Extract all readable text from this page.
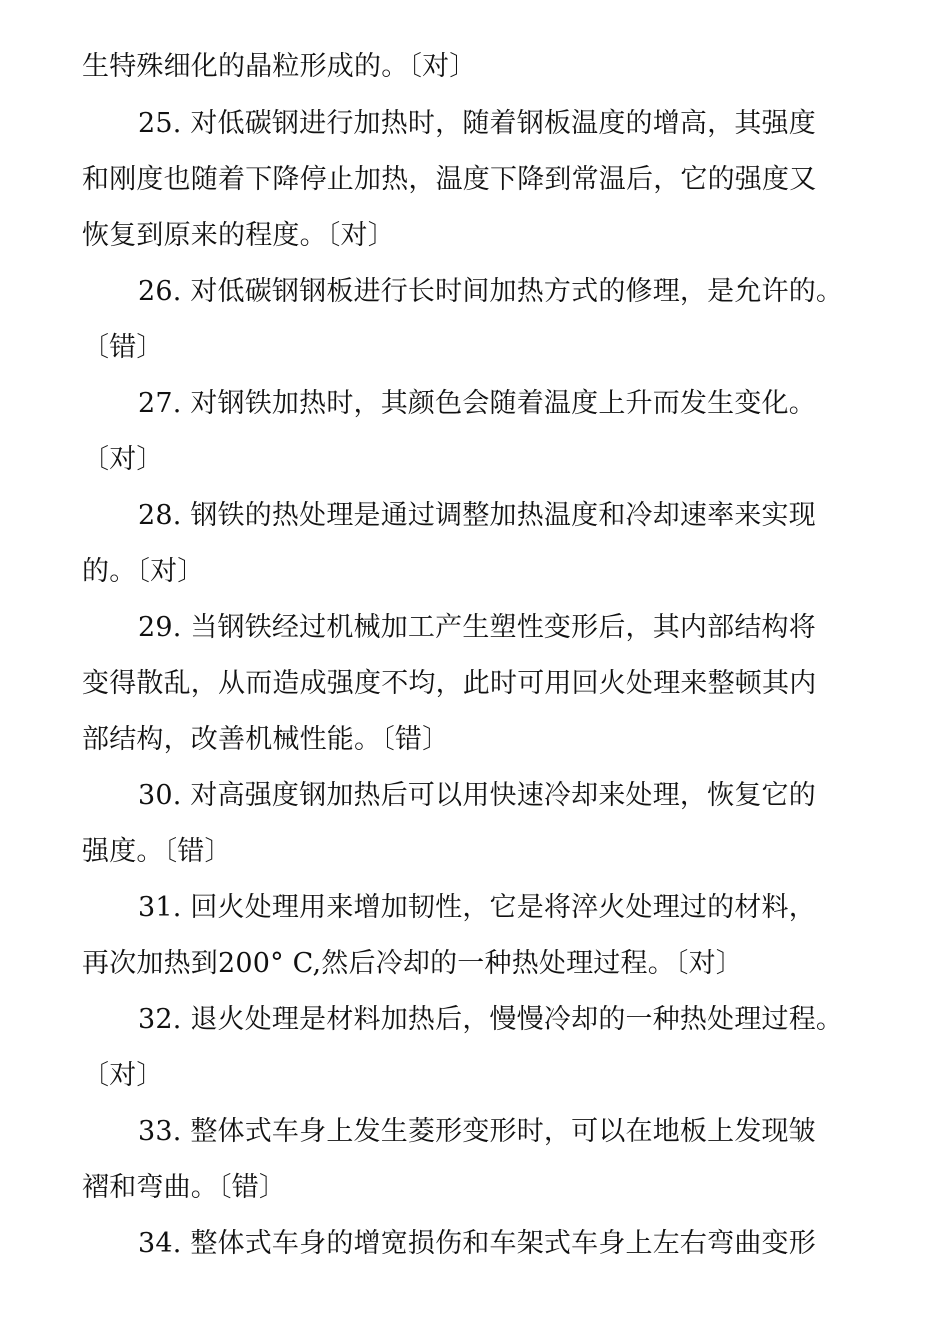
生特殊细化的晶粒形成的。〔对〕
25. 对低碳钢进行加热时，随着钢板温度的增高，其强度
和刚度也随着下降停止加热，温度下降到常温后，它的强度又
恢复到原来的程度。〔对〕
26. 对低碳钢钢板进行长时间加热方式的修理，是允许的。
〔错〕
27. 对钢铁加热时，其颜色会随着温度上升而发生变化。
〔对〕
28. 钢铁的热处理是通过调整加热温度和冷却速率来实现
的。〔对〕
29. 当钢铁经过机械加工产生塑性变形后，其内部结构将
变得散乱，从而造成强度不均，此时可用回火处理来整顿其内
部结构，改善机械性能。〔错〕
30. 对高强度钢加热后可以用快速冷却来处理，恢复它的
强度。〔错〕
31. 回火处理用来增加韧性，它是将淬火处理过的材料，
再次加热到200° C,然后冷却的一种热处理过程。〔对〕
32. 退火处理是材料加热后，慢慢冷却的一种热处理过程。
〔对〕
33. 整体式车身上发生菱形变形时，可以在地板上发现皱
褶和弯曲。〔错〕
34. 整体式车身的增宽损伤和车架式车身上左右弯曲变形
